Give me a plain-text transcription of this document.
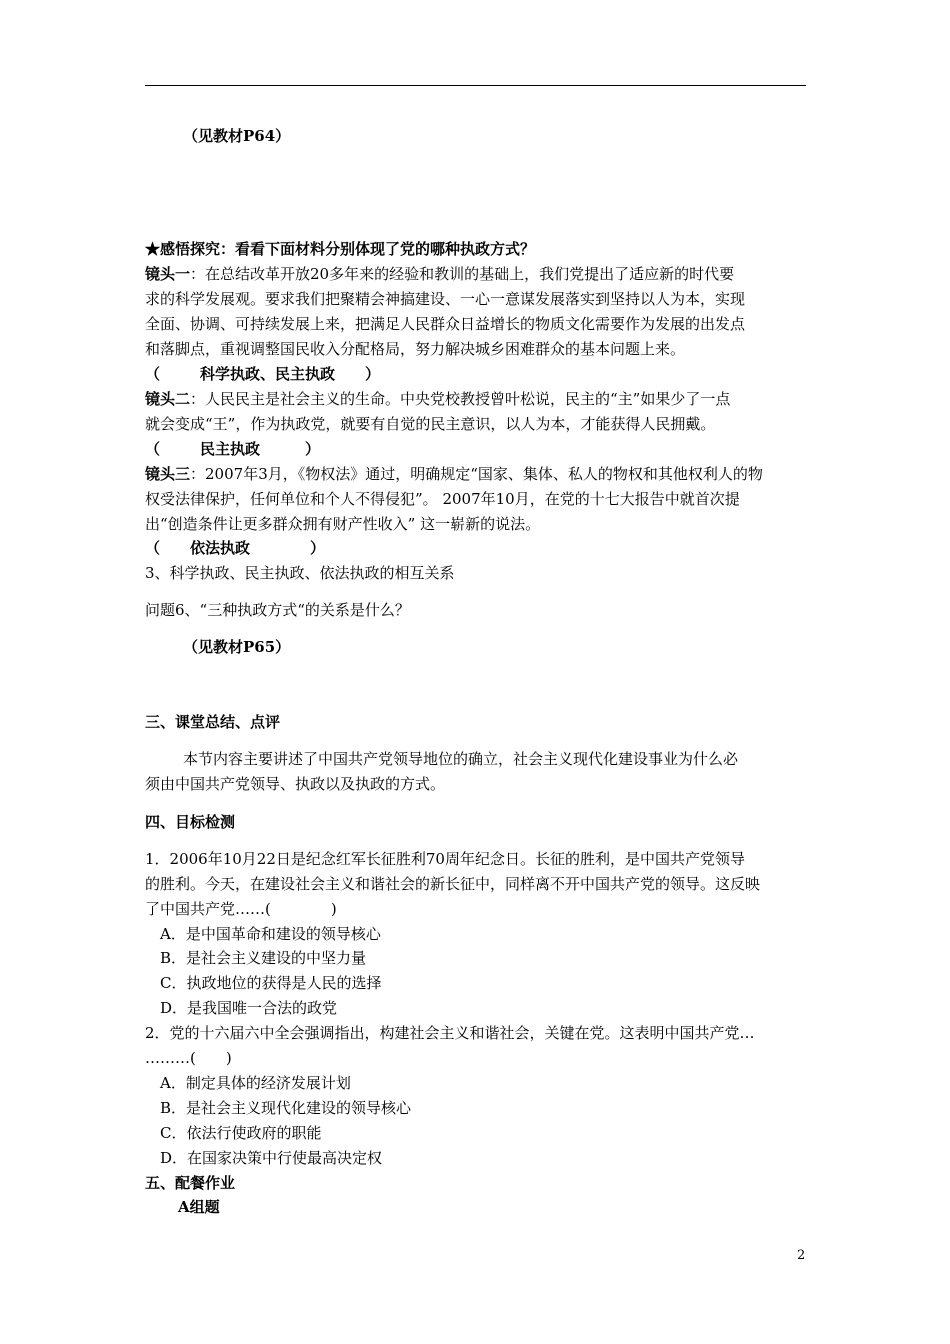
（见教材P64）
★感悟探究：看看下面材料分别体现了党的哪种执政方式？
镜头一：在总结改革开放20多年来的经验和教训的基础上，我们党提出了适应新的时代要
求的科学发展观。要求我们把聚精会神搞建设、一心一意谋发展落实到坚持以人为本，实现
全面、协调、可持续发展上来，把满足人民群众日益增长的物质文化需要作为发展的出发点
和落脚点，重视调整国民收入分配格局，努力解决城乡困难群众的基本问题上来。
（	科学执政、民主执政 ）
镜头二：人民民主是社会主义的生命。中央党校教授曾叶松说，民主的“主”如果少了一点
就会变成“王”，作为执政党，就要有自觉的民主意识，以人为本，才能获得人民拥戴。
（	民主执政	）
镜头三：2007年3月，《物权法》通过，明确规定“国家、集体、私人的物权和其他权利人的物
权受法律保护，任何单位和个人不得侵犯”。 2007年10月，在党的十七大报告中就首次提
出“创造条件让更多群众拥有财产性收入” 这一崭新的说法。
（ 依法执政	）
3、科学执政、民主执政、依法执政的相互关系
问题6、“三种执政方式“的关系是什么？
（见教材P65）
三、课堂总结、点评
本节内容主要讲述了中国共产党领导地位的确立，社会主义现代化建设事业为什么必
须由中国共产党领导、执政以及执政的方式。
四、目标检测
1．2006年10月22日是纪念红军长征胜利70周年纪念日。长征的胜利，是中国共产党领导
的胜利。今天，在建设社会主义和谐社会的新长征中，同样离不开中国共产党的领导。这反映
了中国共产党……(　　　　)
A．是中国革命和建设的领导核心
B．是社会主义建设的中坚力量
C．执政地位的获得是人民的选择
D．是我国唯一合法的政党
2．党的十六届六中全会强调指出，构建社会主义和谐社会，关键在党。这表明中国共产党…
………(　　)
A．制定具体的经济发展计划
B．是社会主义现代化建设的领导核心
C．依法行使政府的职能
D．在国家决策中行使最高决定权
五、配餐作业
A组题
2
